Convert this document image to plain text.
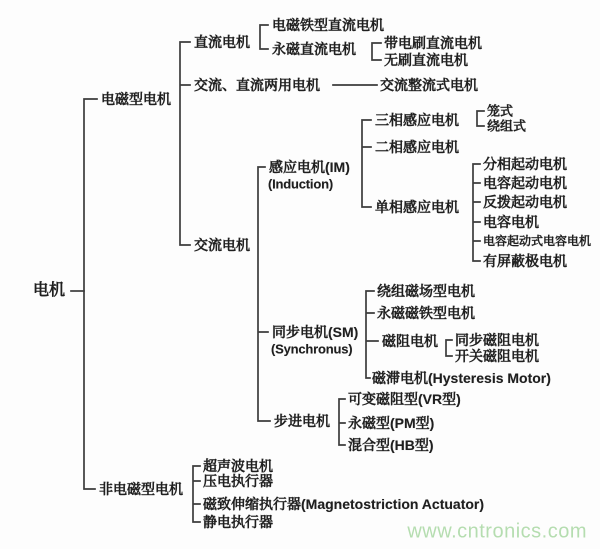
电机
电磁型电机
非电磁型电机
直流电机
电磁铁型直流电机
永磁直流电机 带电刷直流电机
无刷直流电机
交流、直流两用电机	交流整流式电机
交流电机
感应电机(IM)
(Induction)
三相感应电机
笼式
绕组式
二相感应电机
单相感应电机
分相起动电机
电容起动电机
反拨起动电机
电容电机
电容起动式电容电机
有屏蔽极电机
同步电机(SM)
(Synchronus)
绕组磁场型电机
永磁磁铁型电机
磁阻电机 同步磁阻电机
开关磁阻电机
磁滞电机(Hysteresis Motor)
步进电机
可变磁阻型(VR型)
永磁型(PM型)
混合型(HB型)
超声波电机
压电执行器
磁致伸缩执行器(Magnetostriction Actuator)
静电执行器	www.cntronics.com
